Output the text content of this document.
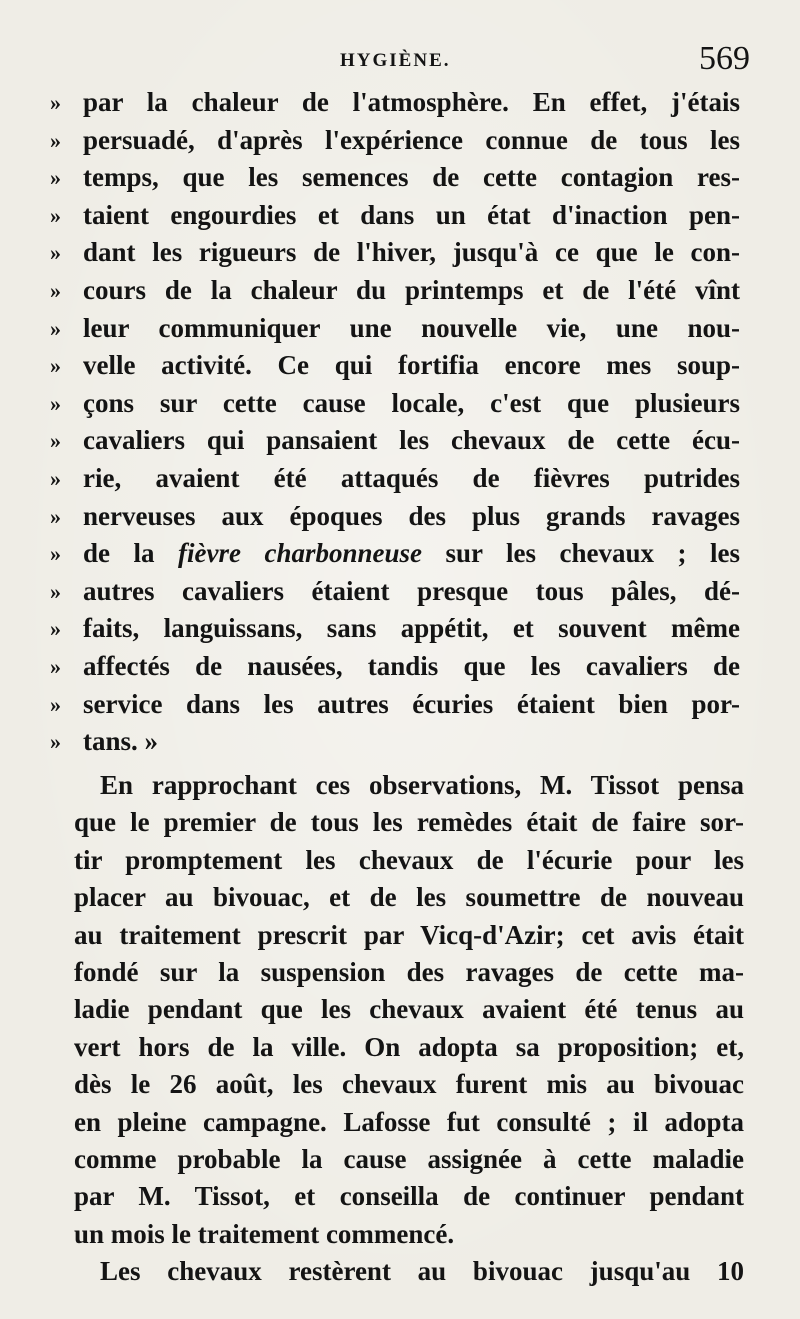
HYGIÈNE.	569
» par la chaleur de l'atmosphère. En effet, j'étais
» persuadé, d'après l'expérience connue de tous les
» temps, que les semences de cette contagion res-
» taient engourdies et dans un état d'inaction pen-
» dant les rigueurs de l'hiver, jusqu'à ce que le con-
» cours de la chaleur du printemps et de l'été vînt
» leur communiquer une nouvelle vie, une nou-
» velle activité. Ce qui fortifia encore mes soup-
» çons sur cette cause locale, c'est que plusieurs
» cavaliers qui pansaient les chevaux de cette écu-
» rie, avaient été attaqués de fièvres putrides
» nerveuses aux époques des plus grands ravages
» de la fièvre charbonneuse sur les chevaux ; les
» autres cavaliers étaient presque tous pâles, dé-
» faits, languissans, sans appétit, et souvent même
» affectés de nausées, tandis que les cavaliers de
» service dans les autres écuries étaient bien por-
» tans. »
En rapprochant ces observations, M. Tissot pensa
que le premier de tous les remèdes était de faire sor-
tir promptement les chevaux de l'écurie pour les
placer au bivouac, et de les soumettre de nouveau
au traitement prescrit par Vicq-d'Azir; cet avis était
fondé sur la suspension des ravages de cette ma-
ladie pendant que les chevaux avaient été tenus au
vert hors de la ville. On adopta sa proposition; et,
dès le 26 août, les chevaux furent mis au bivouac
en pleine campagne. Lafosse fut consulté ; il adopta
comme probable la cause assignée à cette maladie
par M. Tissot, et conseilla de continuer pendant
un mois le traitement commencé.
Les chevaux restèrent au bivouac jusqu'au 10
